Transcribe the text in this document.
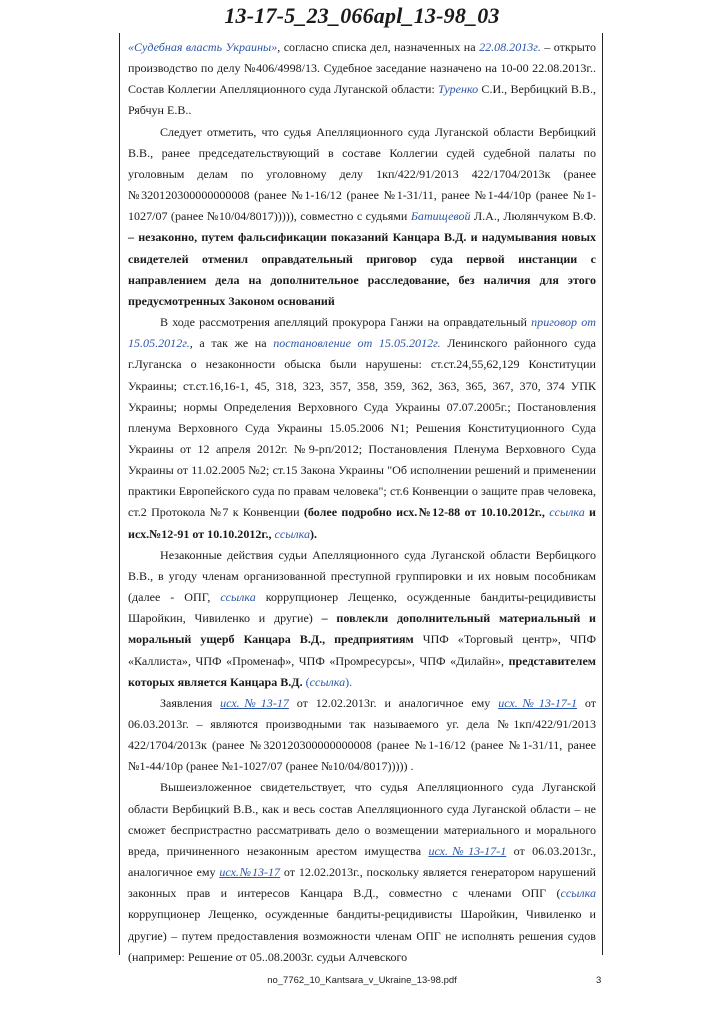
13-17-5_23_066apl_13-98_03

«Судебная власть Украины», согласно списка дел, назначенных на 22.08.2013г. – открыто производство по делу №406/4998/13. Судебное заседание назначено на 10-00 22.08.2013г.. Состав Коллегии Апелляционного суда Луганской области: Туренко С.И., Вербицкий В.В., Рябчун Е.В..

Следует отметить, что судья Апелляционного суда Луганской области Вербицкий В.В., ранее председательствующий в составе Коллегии судей судебной палаты по уголовным делам по уголовному делу 1кп/422/91/2013 422/1704/2013к (ранее №320120300000000008 (ранее №1-16/12 (ранее №1-31/11, ранее №1-44/10р (ранее №1-1027/07 (ранее №10/04/8017))))), совместно с судьями Батищевой Л.А., Люлянчуком В.Ф. – незаконно, путем фальсификации показаний Канцара В.Д. и надумывания новых свидетелей отменил оправдательный приговор суда первой инстанции с направлением дела на дополнительное расследование, без наличия для этого предусмотренных Законом оснований

В ходе рассмотрения апелляций прокурора Ганжи на оправдательный приговор от 15.05.2012г., а так же на постановление от 15.05.2012г. Ленинского районного суда г.Луганска о незаконности обыска были нарушены: ст.ст.24,55,62,129 Конституции Украины; ст.ст.16,16-1, 45, 318, 323, 357, 358, 359, 362, 363, 365, 367, 370, 374 УПК Украины; нормы Определения Верховного Суда Украины 07.07.2005г.; Постановления пленума Верховного Суда Украины 15.05.2006 N1; Решения Конституционного Суда Украины от 12 апреля 2012г. №9-рп/2012; Постановления Пленума Верховного Суда Украины от 11.02.2005 №2; ст.15 Закона Украины "Об исполнении решений и применении практики Европейского суда по правам человека"; ст.6 Конвенции о защите прав человека, ст.2 Протокола №7 к Конвенции (более подробно исх.№12-88 от 10.10.2012г., ссылка и исх.№12-91 от 10.10.2012г., ссылка).

Незаконные действия судьи Апелляционного суда Луганской области Вербицкого В.В., в угоду членам организованной преступной группировки и их новым пособникам (далее - ОПГ, ссылка коррупционер Лещенко, осужденные бандиты-рецидивисты Шаройкин, Чивиленко и другие) – повлекли дополнительный материальный и моральный ущерб Канцара В.Д., предприятиям ЧПФ «Торговый центр», ЧПФ «Каллиста», ЧПФ «Променаф», ЧПФ «Промресурсы», ЧПФ «Дилайн», представителем которых является Канцара В.Д. (ссылка).

Заявления исх.№13-17 от 12.02.2013г. и аналогичное ему исх.№13-17-1 от 06.03.2013г. – являются производными так называемого уг. дела №1кп/422/91/2013 422/1704/2013к (ранее №320120300000000008 (ранее №1-16/12 (ранее №1-31/11, ранее №1-44/10р (ранее №1-1027/07 (ранее №10/04/8017))))) .

Вышеизложенное свидетельствует, что судья Апелляционного суда Луганской области Вербицкий В.В., как и весь состав Апелляционного суда Луганской области – не сможет беспристрастно рассматривать дело о возмещении материального и морального вреда, причиненного незаконным арестом имущества исх.№13-17-1 от 06.03.2013г., аналогичное ему исх.№13-17 от 12.02.2013г., поскольку является генератором нарушений законных прав и интересов Канцара В.Д., совместно с членами ОПГ (ссылка коррупционер Лещенко, осужденные бандиты-рецидивисты Шаройкин, Чивиленко и другие) – путем предоставления возможности членам ОПГ не исполнять решения судов (например: Решение от 05..08.2003г. судьи Алчевского

no_7762_10_Kantsara_v_Ukraine_13-98.pdf	3
